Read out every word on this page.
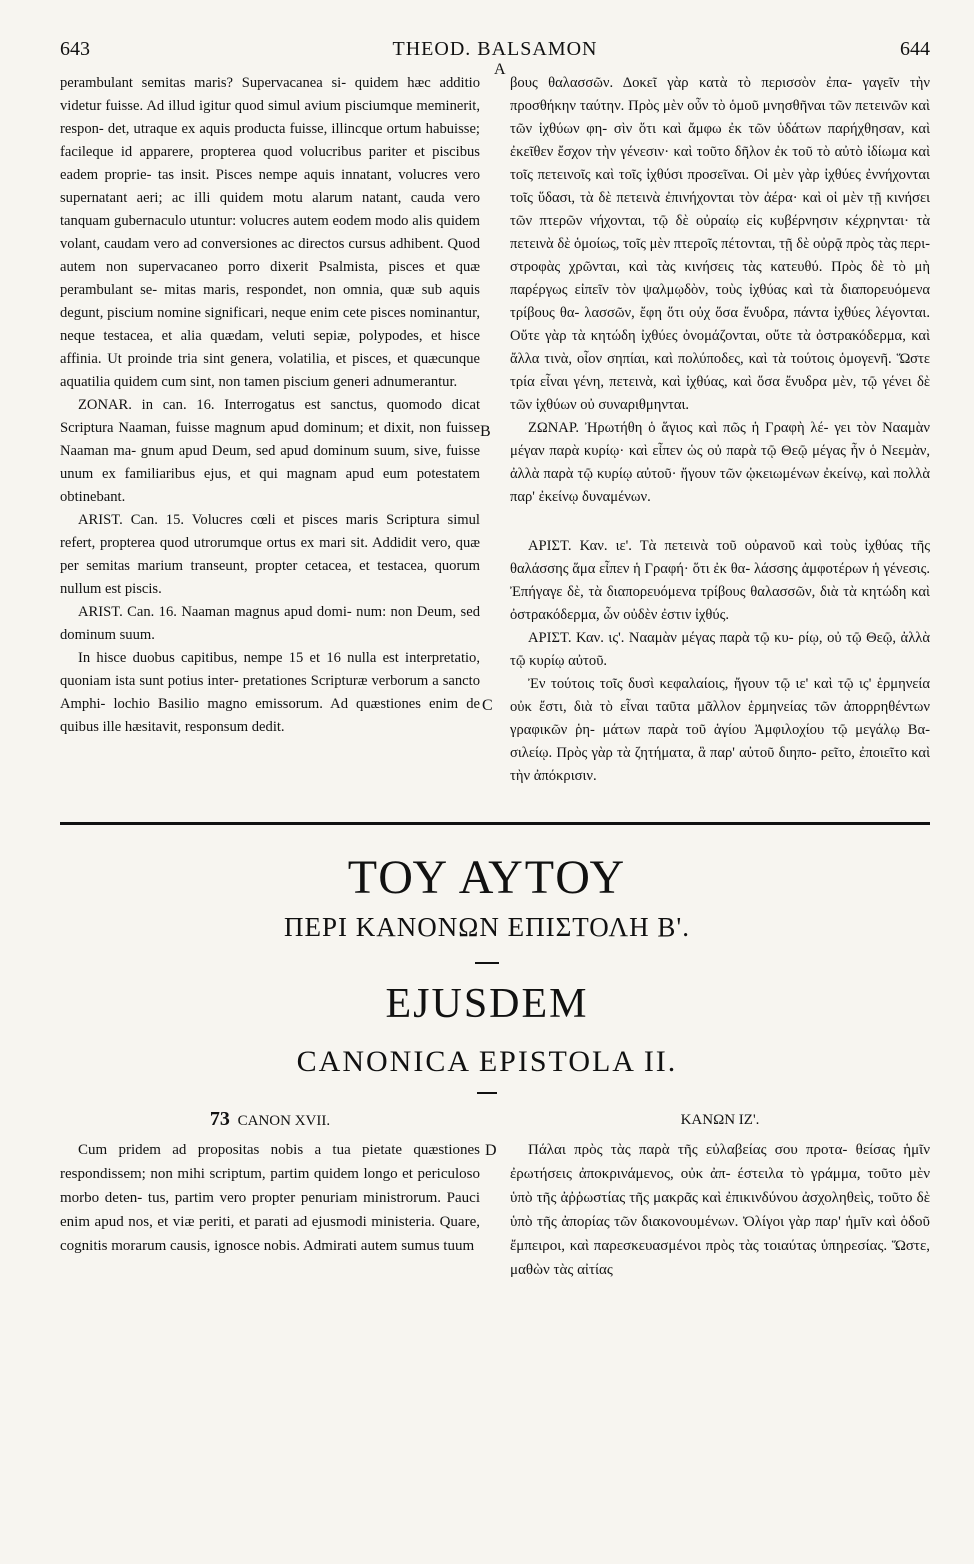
643	THEOD. BALSAMON	644

perambulant semitas maris? Supervacanea si- quidem hæc additio videtur fuisse. Ad illud igitur quod simul avium pisciumque meminerit, respon- det, utraque ex aquis producta fuisse, illincque ortum habuisse; facileque id apparere, propterea quod volucribus pariter et piscibus eadem proprie- tas insit. Pisces nempe aquis innatant, volucres vero supernatant aeri; ac illi quidem motu alarum natant, cauda vero tanquam gubernaculo utuntur: volucres autem eodem modo alis quidem volant, caudam vero ad conversiones ac directos cursus adhibent. Quod autem non supervacaneo porro dixerit Psalmista, pisces et quæ perambulant se- mitas maris, respondet, non omnia, quæ sub aquis degunt, piscium nomine significari, neque enim cete pisces nominantur, neque testacea, et alia quædam, veluti sepiæ, polypodes, et hisce affinia. Ut proinde tria sint genera, volatilia, et pisces, et quæcunque aquatilia quidem cum sint, non tamen piscium generi adnumerantur.

ZONAR. in can. 16. Interrogatus est sanctus, quomodo dicat Scriptura Naaman, fuisse magnum apud dominum; et dixit, non fuisse Naaman ma- gnum apud Deum, sed apud dominum suum, sive, fuisse unum ex familiaribus ejus, et qui magnam apud eum potestatem obtinebant.

ARIST. Can. 15. Volucres cœli et pisces maris Scriptura simul refert, propterea quod utrorumque ortus ex mari sit. Addidit vero, quæ per semitas marium transeunt, propter cetacea, et testacea, quorum nullum est piscis.

ARIST. Can. 16. Naaman magnus apud domi- num: non Deum, sed dominum suum.

In hisce duobus capitibus, nempe 15 et 16 nulla est interpretatio, quoniam ista sunt potius inter- pretationes Scripturæ verborum a sancto Amphi- lochio Basilio magno emissorum. Ad quæstiones enim de quibus ille hæsitavit, responsum dedit.

βους θαλασσῶν. Δοκεῖ γὰρ κατὰ τὸ περισσὸν ἐπα- γαγεῖν τὴν προσθήκην ταύτην. Πρὸς μὲν οὖν τὸ ὁμοῦ μνησθῆναι τῶν πετεινῶν καὶ τῶν ἰχθύων φη- σὶν ὅτι καὶ ἄμφω ἐκ τῶν ὑδάτων παρήχθησαν, καὶ ἐκεῖθεν ἔσχον τὴν γένεσιν· καὶ τοῦτο δῆλον ἐκ τοῦ τὸ αὐτὸ ἰδίωμα καὶ τοῖς πετεινοῖς καὶ τοῖς ἰχθύσι προσεῖναι. Οἱ μὲν γὰρ ἰχθύες ἐννήχονται τοῖς ὕδασι, τὰ δὲ πετεινὰ ἐπινήχονται τὸν ἀέρα· καὶ οἱ μὲν τῇ κινήσει τῶν πτερῶν νήχονται, τῷ δὲ οὐραίῳ εἰς κυβέρνησιν κέχρηνται· τὰ πετεινὰ δὲ ὁμοίως, τοῖς μὲν πτεροῖς πέτονται, τῇ δὲ οὐρᾷ πρὸς τὰς περι- στροφὰς χρῶνται, καὶ τὰς κινήσεις τὰς κατευθύ. Πρὸς δὲ τὸ μὴ παρέργως εἰπεῖν τὸν ψαλμῳδὸν, τοὺς ἰχθύας καὶ τὰ διαπορευόμενα τρίβους θα- λασσῶν, ἔφη ὅτι οὐχ ὅσα ἔνυδρα, πάντα ἰχθύες λέγονται. Οὔτε γὰρ τὰ κητώδη ἰχθύες ὀνομάζονται, οὔτε τὰ ὀστρακόδερμα, καὶ ἄλλα τινὰ, οἷον σηπίαι, καὶ πολύποδες, καὶ τὰ τούτοις ὁμογενῆ. Ὥστε τρία εἶναι γένη, πετεινὰ, καὶ ἰχθύας, καὶ ὅσα ἔνυδρα μὲν, τῷ γένει δὲ τῶν ἰχθύων οὐ συναριθμηνται.

ΖΩΝΑΡ. Ἠρωτήθη ὁ ἅγιος καὶ πῶς ἡ Γραφὴ λέ- γει τὸν Νααμὰν μέγαν παρὰ κυρίῳ· καὶ εἶπεν ὡς οὐ παρὰ τῷ Θεῷ μέγας ἦν ὁ Νεεμὰν, ἀλλὰ παρὰ τῷ κυρίῳ αὐτοῦ· ἤγουν τῶν ᾠκειωμένων ἐκείνῳ, καὶ πολλὰ παρ' ἐκείνῳ δυναμένων.

ΑΡΙΣΤ. Καν. ιε'. Τὰ πετεινὰ τοῦ οὐρανοῦ καὶ τοὺς ἰχθύας τῆς θαλάσσης ἅμα εἶπεν ἡ Γραφή· ὅτι ἐκ θα- λάσσης ἀμφοτέρων ἡ γένεσις. Ἐπήγαγε δὲ, τὰ διαπορευόμενα τρίβους θαλασσῶν, διὰ τὰ κητώδη καὶ ὀστρακόδερμα, ὧν οὐδὲν ἐστιν ἰχθύς.

ΑΡΙΣΤ. Καν. ις'. Νααμὰν μέγας παρὰ τῷ κυ- ρίῳ, οὐ τῷ Θεῷ, ἀλλὰ τῷ κυρίῳ αὐτοῦ.

Ἐν τούτοις τοῖς δυσὶ κεφαλαίοις, ἤγουν τῷ ιε' καὶ τῷ ις' ἑρμηνεία οὐκ ἔστι, διὰ τὸ εἶναι ταῦτα μᾶλλον ἑρμηνείας τῶν ἀπορρηθέντων γραφικῶν ῥη- μάτων παρὰ τοῦ ἁγίου Ἀμφιλοχίου τῷ μεγάλῳ Βα- σιλείῳ. Πρὸς γὰρ τὰ ζητήματα, ἃ παρ' αὐτοῦ διηπο- ρεῖτο, ἐποιεῖτο καὶ τὴν ἀπόκρισιν.

A
B
C
D
ΤΟΥ ΑΥΤΟΥ
ΠΕΡΙ ΚΑΝΟΝΩΝ ΕΠΙΣΤΟΛΗ Β'.
EJUSDEM
CANONICA EPISTOLA II.
73 CANON XVII.	ΚΑΝΩΝ ΙΖ'.

Cum pridem ad propositas nobis a tua pietate quæstiones respondissem; non mihi scriptum, partim quidem longo et periculoso morbo deten- tus, partim vero propter penuriam ministrorum. Pauci enim apud nos, et viæ periti, et parati ad ejusmodi ministeria. Quare, cognitis morarum causis, ignosce nobis. Admirati autem sumus tuum

Πάλαι πρὸς τὰς παρὰ τῆς εὐλαβείας σου προτα- θείσας ἡμῖν ἐρωτήσεις ἀποκρινάμενος, οὐκ ἀπ- έστειλα τὸ γράμμα, τοῦτο μὲν ὑπὸ τῆς ἀῤῥωστίας τῆς μακρᾶς καὶ ἐπικινδύνου ἀσχοληθεὶς, τοῦτο δὲ ὑπὸ τῆς ἀπορίας τῶν διακονουμένων. Ὀλίγοι γὰρ παρ' ἡμῖν καὶ ὁδοῦ ἔμπειροι, καὶ παρεσκευασμένοι πρὸς τὰς τοιαύτας ὑπηρεσίας. Ὥστε, μαθὼν τὰς αἰτίας
